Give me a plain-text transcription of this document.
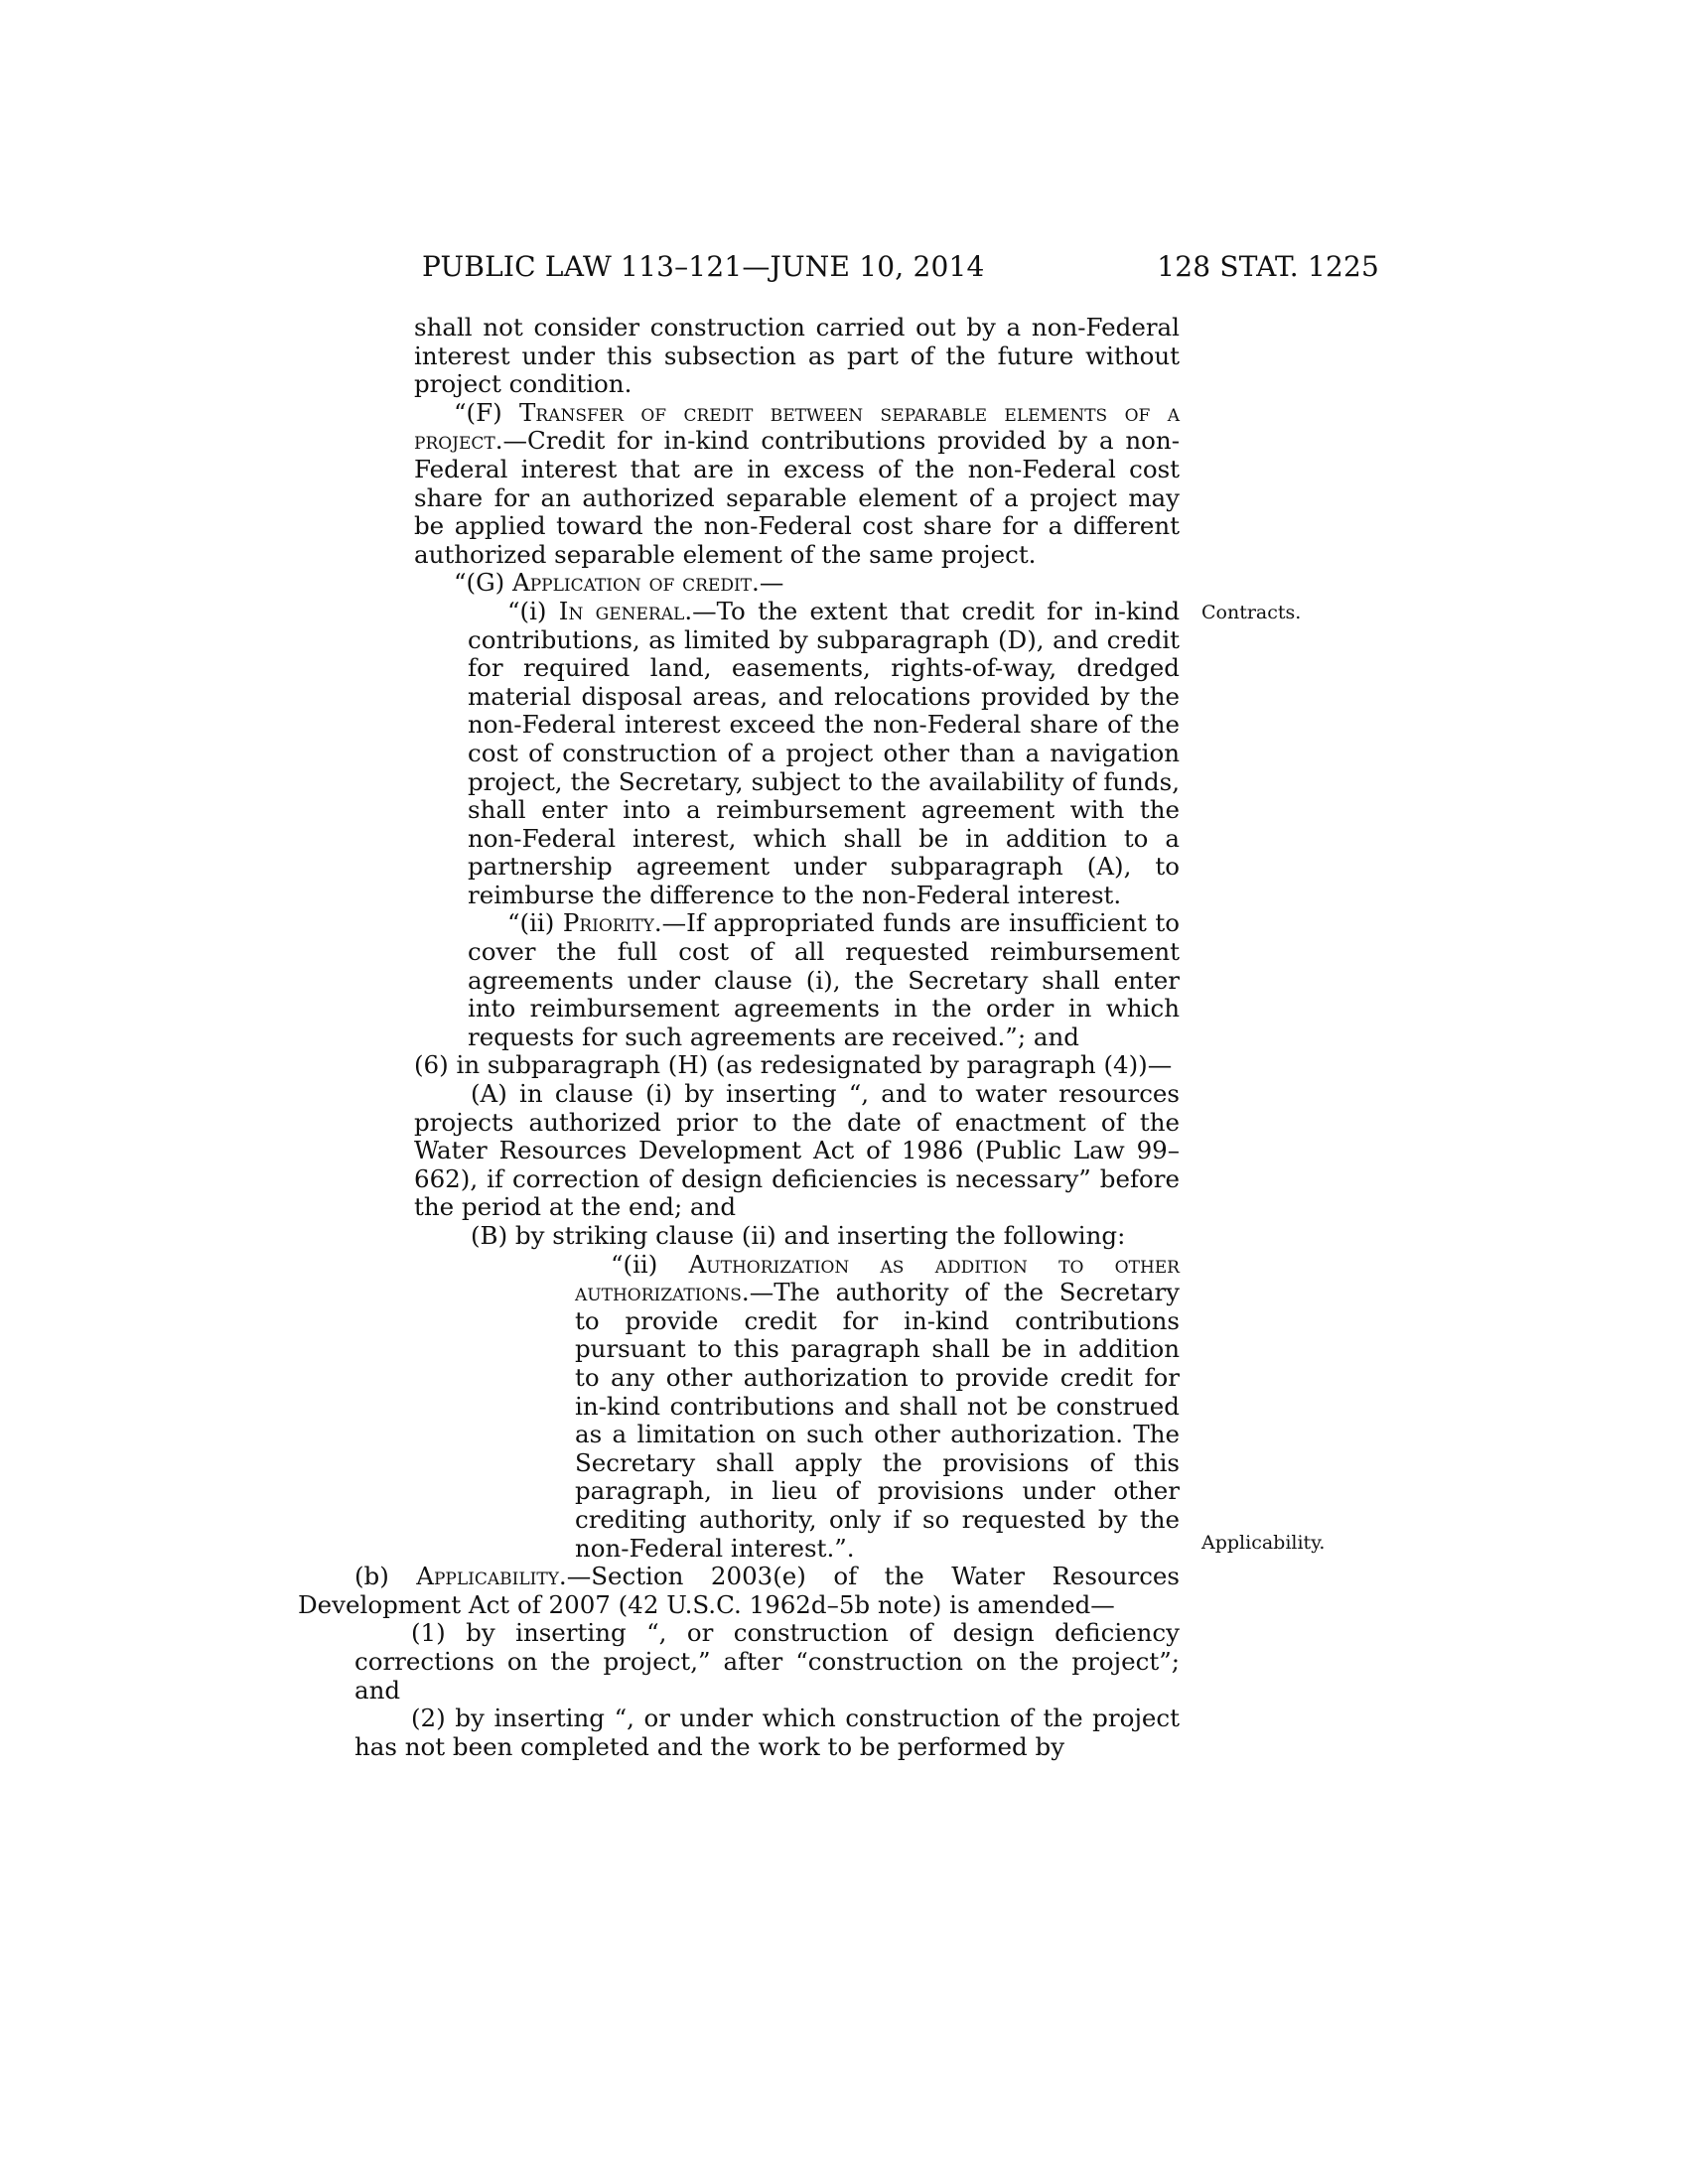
PUBLIC LAW 113–121—JUNE 10, 2014	128 STAT. 1225
Contracts.
Applicability.

shall not consider construction carried out by a non-Federal interest under this subsection as part of the future without project condition.

“(F) Transfer of credit between separable elements of a project.—Credit for in-kind contributions provided by a non-Federal interest that are in excess of the non-Federal cost share for an authorized separable element of a project may be applied toward the non-Federal cost share for a different authorized separable element of the same project.

“(G) Application of credit.—

“(i) In general.—To the extent that credit for in-kind contributions, as limited by subparagraph (D), and credit for required land, easements, rights-of-way, dredged material disposal areas, and relocations provided by the non-Federal interest exceed the non-Federal share of the cost of construction of a project other than a navigation project, the Secretary, subject to the availability of funds, shall enter into a reimbursement agreement with the non-Federal interest, which shall be in addition to a partnership agreement under subparagraph (A), to reimburse the difference to the non-Federal interest.

“(ii) Priority.—If appropriated funds are insufficient to cover the full cost of all requested reimbursement agreements under clause (i), the Secretary shall enter into reimbursement agreements in the order in which requests for such agreements are received.”; and

(6) in subparagraph (H) (as redesignated by paragraph (4))—

(A) in clause (i) by inserting “, and to water resources projects authorized prior to the date of enactment of the Water Resources Development Act of 1986 (Public Law 99–662), if correction of design deficiencies is necessary” before the period at the end; and

(B) by striking clause (ii) and inserting the following:

“(ii) Authorization as addition to other authorizations.—The authority of the Secretary to provide credit for in-kind contributions pursuant to this paragraph shall be in addition to any other authorization to provide credit for in-kind contributions and shall not be construed as a limitation on such other authorization. The Secretary shall apply the provisions of this paragraph, in lieu of provisions under other crediting authority, only if so requested by the non-Federal interest.”.

(b) Applicability.—Section 2003(e) of the Water Resources Development Act of 2007 (42 U.S.C. 1962d–5b note) is amended—

(1) by inserting “, or construction of design deficiency corrections on the project,” after “construction on the project”; and

(2) by inserting “, or under which construction of the project has not been completed and the work to be performed by
